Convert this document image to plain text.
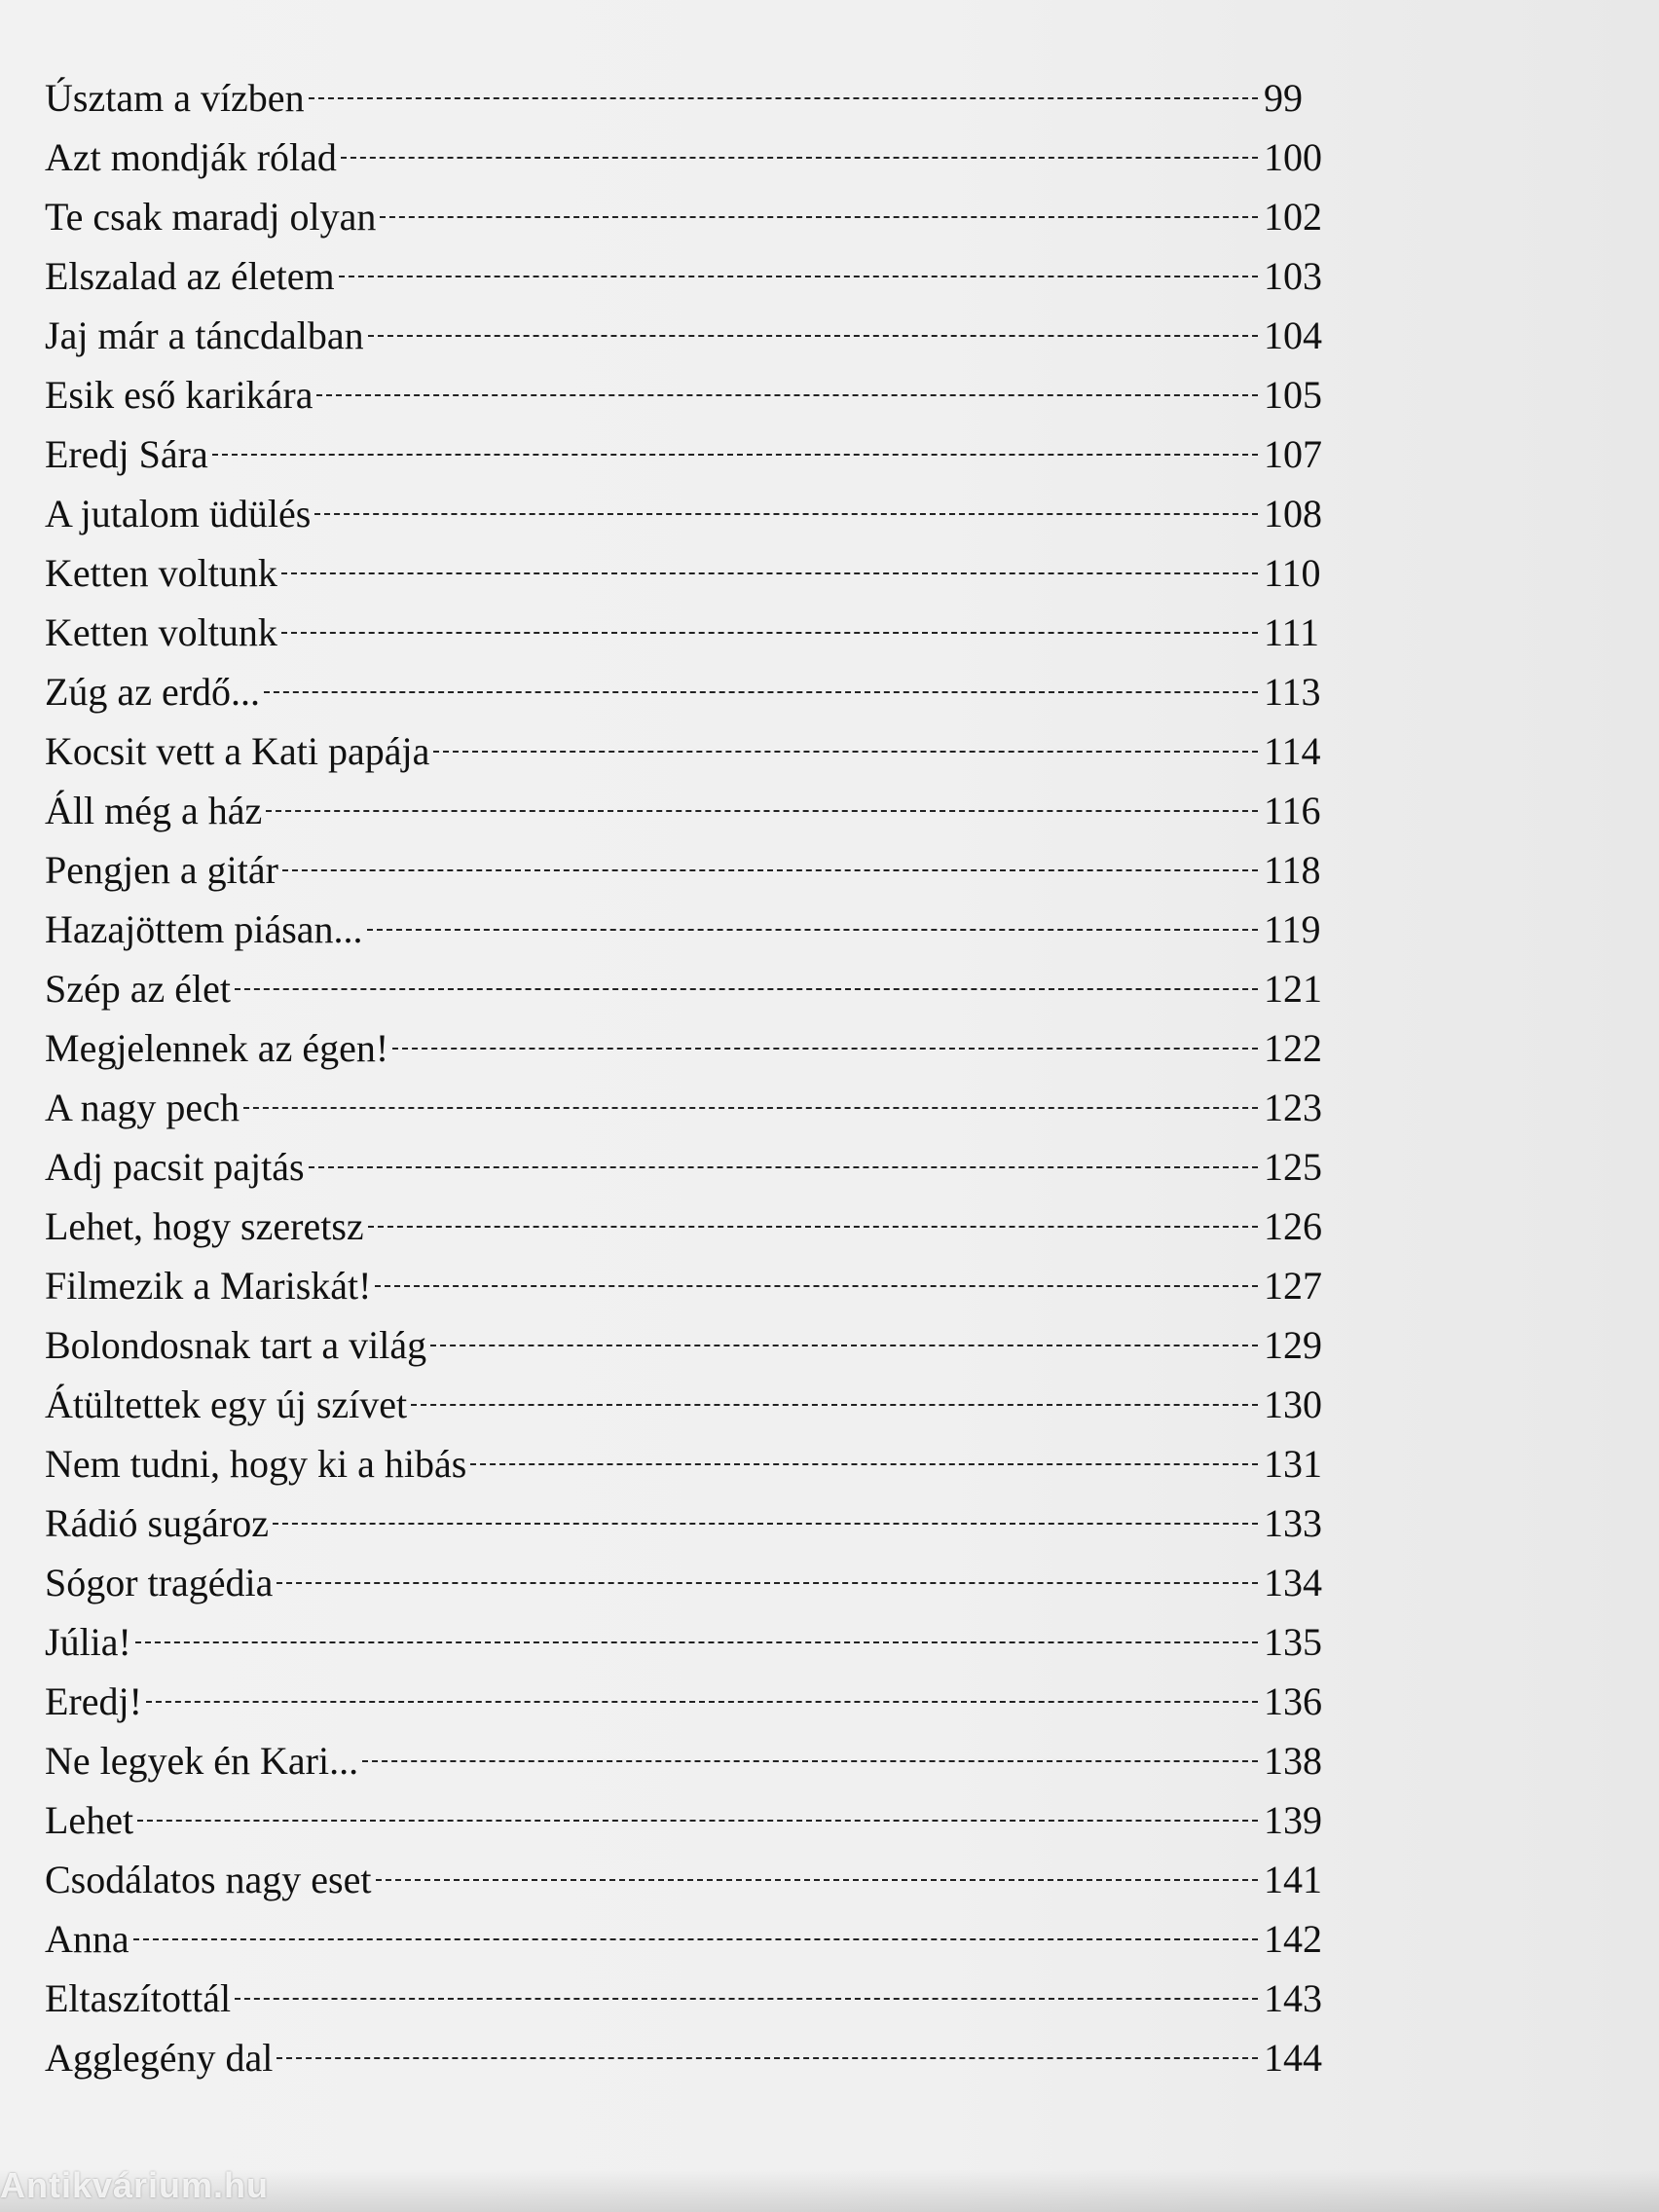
Úsztam a vízben	99
Azt mondják rólad	100
Te csak maradj olyan	102
Elszalad az életem	103
Jaj már a táncdalban	104
Esik eső karikára	105
Eredj Sára	107
A jutalom üdülés	108
Ketten voltunk	110
Ketten voltunk	111
Zúg az erdő...	113
Kocsit vett a Kati papája	114
Áll még a ház	116
Pengjen a gitár	118
Hazajöttem piásan...	119
Szép az élet	121
Megjelennek az égen!	122
A nagy pech	123
Adj pacsit pajtás	125
Lehet, hogy szeretsz	126
Filmezik a Mariskát!	127
Bolondosnak tart a világ	129
Átültettek egy új szívet	130
Nem tudni, hogy ki a hibás	131
Rádió sugároz	133
Sógor tragédia	134
Júlia!	135
Eredj!	136
Ne legyek én Kari...	138
Lehet	139
Csodálatos nagy eset	141
Anna	142
Eltaszítottál	143
Agglegény dal	144
Antikvárium.hu
